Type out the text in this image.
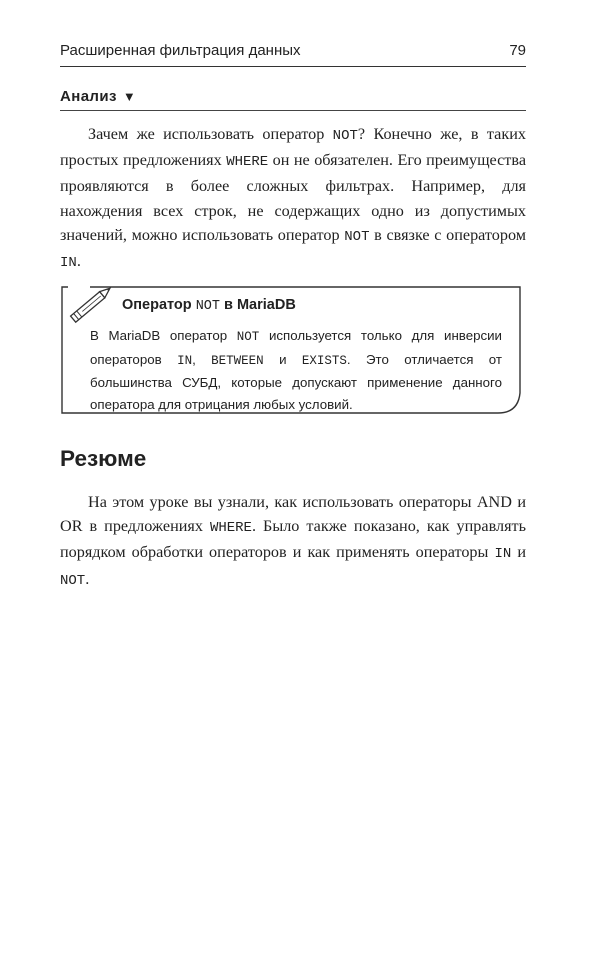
Расширенная фильтрация данных	79
Анализ ▼

Зачем же использовать оператор NOT? Конечно же, в таких простых предложениях WHERE он не обязателен. Его преимущества проявляются в более сложных фильтрах. Например, для нахождения всех строк, не содержащих одно из допустимых значений, можно использовать оператор NOT в связке с оператором IN.

Оператор NOT в MariaDB

В MariaDB оператор NOT используется только для инверсии операторов IN, BETWEEN и EXISTS. Это отличается от большинства СУБД, которые допускают применение данного оператора для отрицания любых условий.

Резюме

На этом уроке вы узнали, как использовать операторы AND и OR в предложениях WHERE. Было также показано, как управлять порядком обработки операторов и как применять операторы IN и NOT.
